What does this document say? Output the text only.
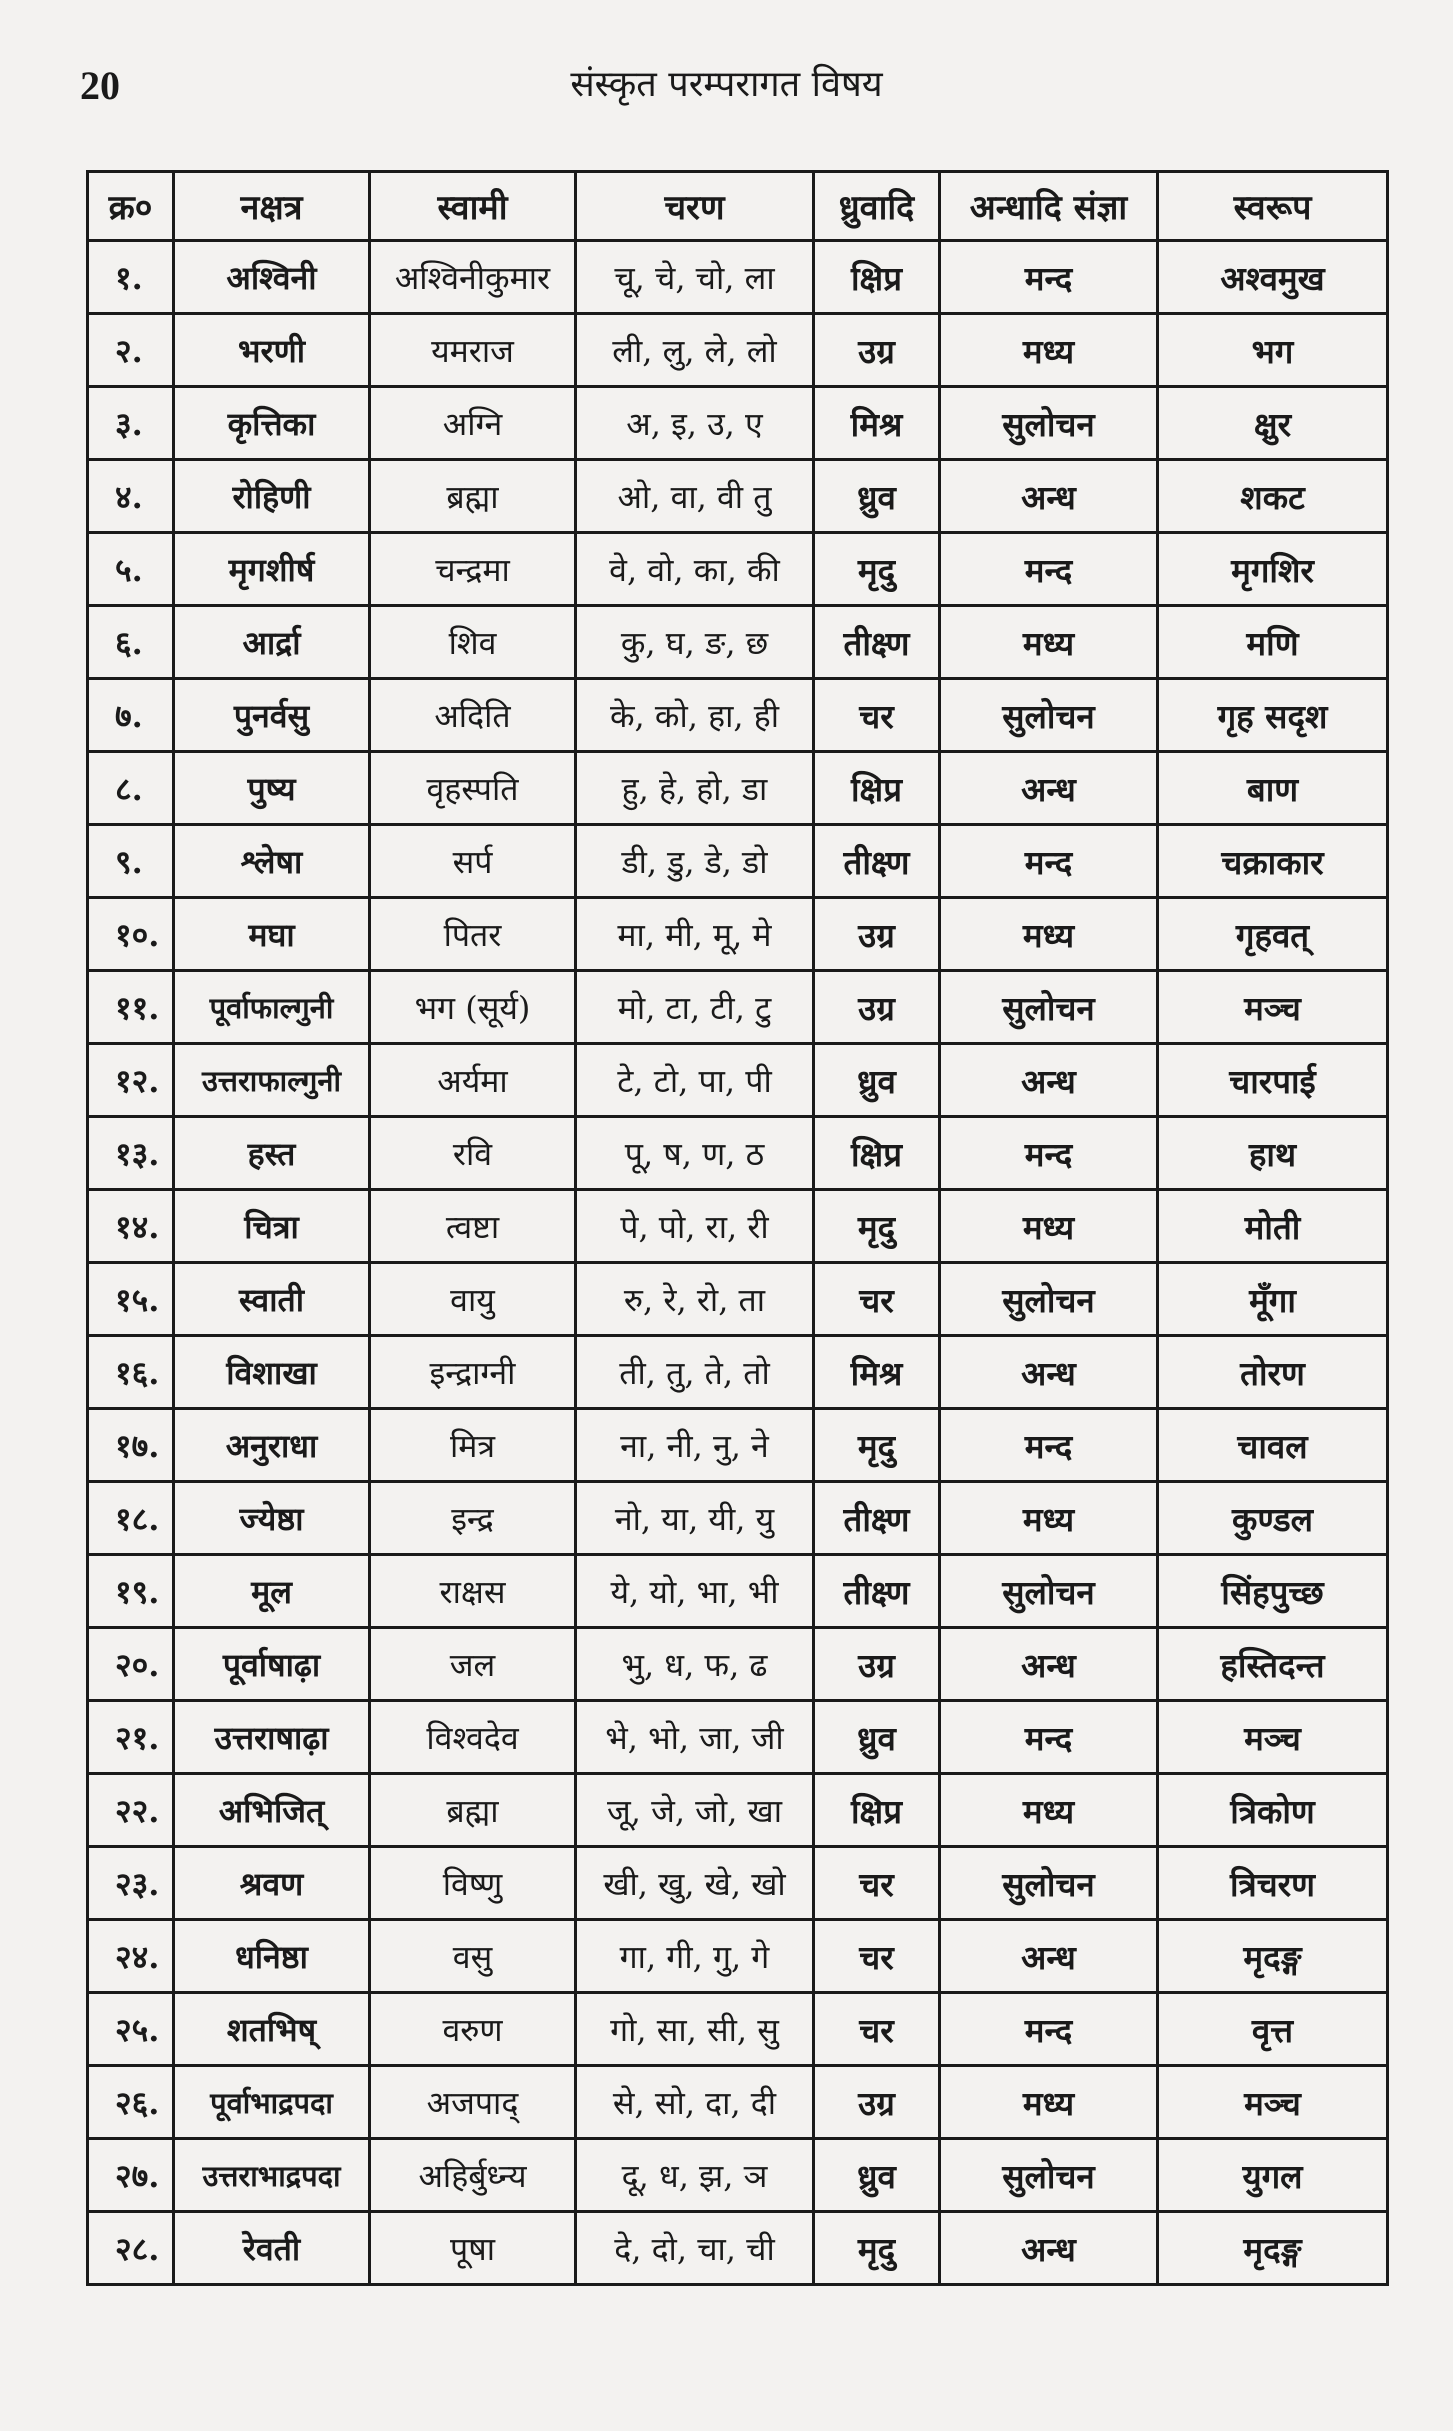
20	संस्कृत परम्परागत विषय
क्र०	नक्षत्र	स्वामी	चरण	ध्रुवादि	अन्धादि संज्ञा	स्वरूप
१.	अश्विनी	अश्विनीकुमार	चू, चे, चो, ला	क्षिप्र	मन्द	अश्वमुख
२.	भरणी	यमराज	ली, लु, ले, लो	उग्र	मध्य	भग
३.	कृत्तिका	अग्नि	अ, इ, उ, ए	मिश्र	सुलोचन	क्षुर
४.	रोहिणी	ब्रह्मा	ओ, वा, वी तु	ध्रुव	अन्ध	शकट
५.	मृगशीर्ष	चन्द्रमा	वे, वो, का, की	मृदु	मन्द	मृगशिर
६.	आर्द्रा	शिव	कु, घ, ङ, छ	तीक्ष्ण	मध्य	मणि
७.	पुनर्वसु	अदिति	के, को, हा, ही	चर	सुलोचन	गृह सदृश
८.	पुष्य	वृहस्पति	हु, हे, हो, डा	क्षिप्र	अन्ध	बाण
९.	श्लेषा	सर्प	डी, डु, डे, डो	तीक्ष्ण	मन्द	चक्राकार
१०.	मघा	पितर	मा, मी, मू, मे	उग्र	मध्य	गृहवत्
११.	पूर्वाफाल्गुनी	भग (सूर्य)	मो, टा, टी, टु	उग्र	सुलोचन	मञ्च
१२.	उत्तराफाल्गुनी	अर्यमा	टे, टो, पा, पी	ध्रुव	अन्ध	चारपाई
१३.	हस्त	रवि	पू, ष, ण, ठ	क्षिप्र	मन्द	हाथ
१४.	चित्रा	त्वष्टा	पे, पो, रा, री	मृदु	मध्य	मोती
१५.	स्वाती	वायु	रु, रे, रो, ता	चर	सुलोचन	मूँगा
१६.	विशाखा	इन्द्राग्नी	ती, तु, ते, तो	मिश्र	अन्ध	तोरण
१७.	अनुराधा	मित्र	ना, नी, नु, ने	मृदु	मन्द	चावल
१८.	ज्येष्ठा	इन्द्र	नो, या, यी, यु	तीक्ष्ण	मध्य	कुण्डल
१९.	मूल	राक्षस	ये, यो, भा, भी	तीक्ष्ण	सुलोचन	सिंहपुच्छ
२०.	पूर्वाषाढ़ा	जल	भु, ध, फ, ढ	उग्र	अन्ध	हस्तिदन्त
२१.	उत्तराषाढ़ा	विश्वदेव	भे, भो, जा, जी	ध्रुव	मन्द	मञ्च
२२.	अभिजित्	ब्रह्मा	जू, जे, जो, खा	क्षिप्र	मध्य	त्रिकोण
२३.	श्रवण	विष्णु	खी, खु, खे, खो	चर	सुलोचन	त्रिचरण
२४.	धनिष्ठा	वसु	गा, गी, गु, गे	चर	अन्ध	मृदङ्ग
२५.	शतभिष्	वरुण	गो, सा, सी, सु	चर	मन्द	वृत्त
२६.	पूर्वाभाद्रपदा	अजपाद्	से, सो, दा, दी	उग्र	मध्य	मञ्च
२७.	उत्तराभाद्रपदा	अहिर्बुध्न्य	दू, ध, झ, ञ	ध्रुव	सुलोचन	युगल
२८.	रेवती	पूषा	दे, दो, चा, ची	मृदु	अन्ध	मृदङ्ग
